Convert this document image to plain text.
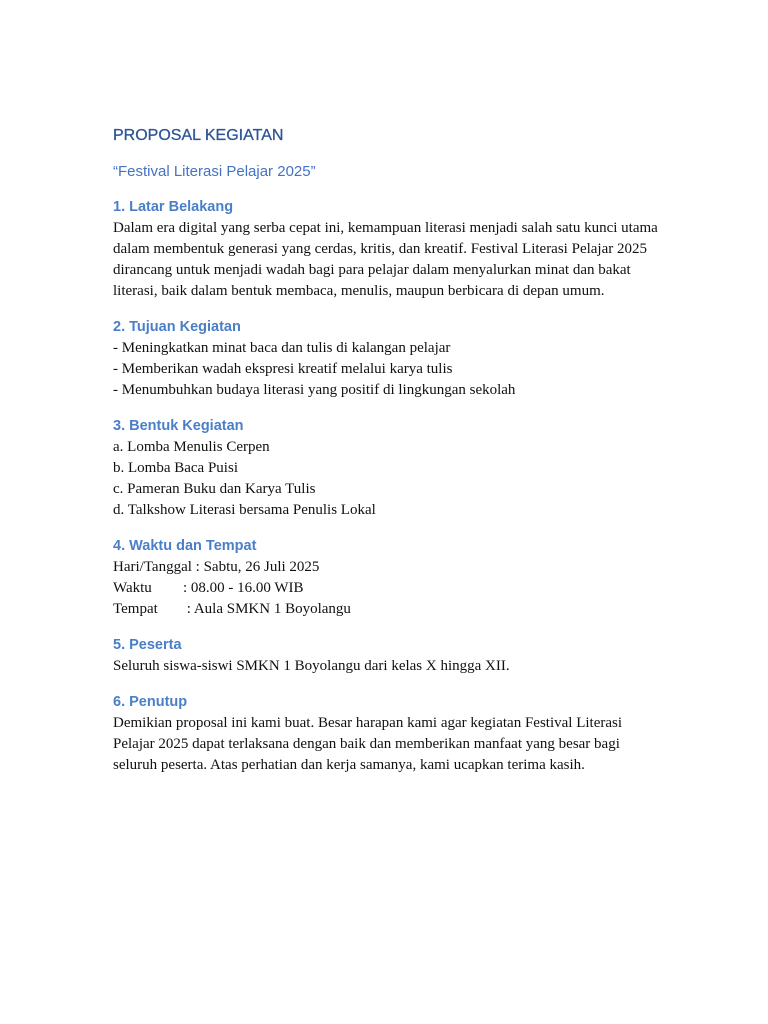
PROPOSAL KEGIATAN

“Festival Literasi Pelajar 2025”

1. Latar Belakang

Dalam era digital yang serba cepat ini, kemampuan literasi menjadi salah satu kunci utama dalam membentuk generasi yang cerdas, kritis, dan kreatif. Festival Literasi Pelajar 2025 dirancang untuk menjadi wadah bagi para pelajar dalam menyalurkan minat dan bakat literasi, baik dalam bentuk membaca, menulis, maupun berbicara di depan umum.

2. Tujuan Kegiatan

- Meningkatkan minat baca dan tulis di kalangan pelajar

- Memberikan wadah ekspresi kreatif melalui karya tulis

- Menumbuhkan budaya literasi yang positif di lingkungan sekolah

3. Bentuk Kegiatan

a. Lomba Menulis Cerpen

b. Lomba Baca Puisi

c. Pameran Buku dan Karya Tulis

d. Talkshow Literasi bersama Penulis Lokal

4. Waktu dan Tempat
Hari/Tanggal : Sabtu, 26 Juli 2025
Waktu	: 08.00 - 16.00 WIB
Tempat	: Aula SMKN 1 Boyolangu
5. Peserta

Seluruh siswa-siswi SMKN 1 Boyolangu dari kelas X hingga XII.

6. Penutup

Demikian proposal ini kami buat. Besar harapan kami agar kegiatan Festival Literasi Pelajar 2025 dapat terlaksana dengan baik dan memberikan manfaat yang besar bagi seluruh peserta. Atas perhatian dan kerja samanya, kami ucapkan terima kasih.
